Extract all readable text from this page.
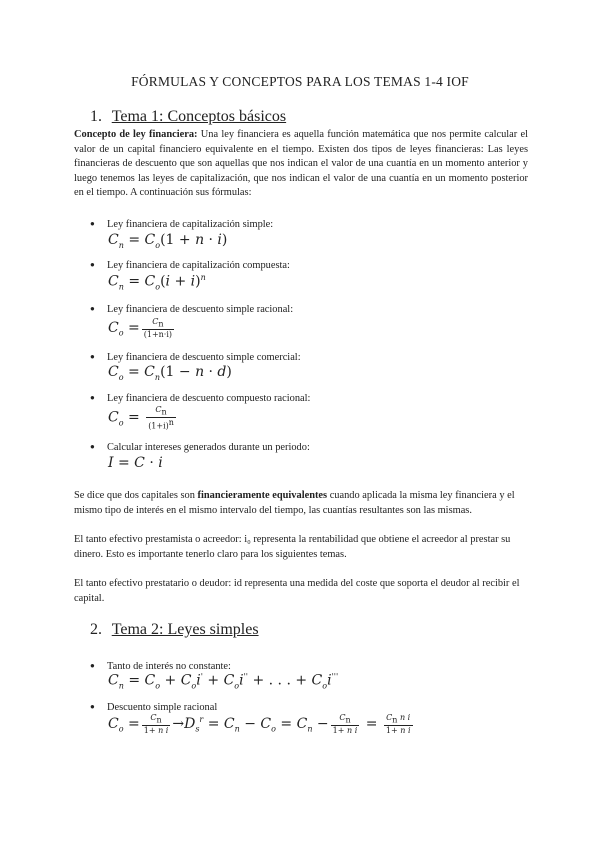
FÓRMULAS Y CONCEPTOS PARA LOS TEMAS 1-4 IOF
1. Tema 1: Conceptos básicos
Concepto de ley financiera: Una ley financiera es aquella función matemática que nos permite calcular el valor de un capital financiero equivalente en el tiempo. Existen dos tipos de leyes financieras: Las leyes financieras de descuento que son aquellas que nos indican el valor de una cuantía en un momento anterior y luego tenemos las leyes de capitalización, que nos indican el valor de una cuantía en un momento posterior en el tiempo. A continuación sus fórmulas:
● Ley financiera de capitalización simple:
$C_n = C_o(1 + n \cdot i)$
● Ley financiera de capitalización compuesta:
$C_n = C_o(i + i)^n$
● Ley financiera de descuento simple racional:
$C_o = \frac{C_n}{(1+n\cdot i)}$
● Ley financiera de descuento simple comercial:
$C_o = C_n(1 - n \cdot d)$
● Ley financiera de descuento compuesto racional:
$C_o = \frac{C_n}{(1+i)^n}$
● Calcular intereses generados durante un periodo:
I = C · i
Se dice que dos capitales son financieramente equivalentes cuando aplicada la misma ley financiera y el mismo tipo de interés en el mismo intervalo del tiempo, las cuantías resultantes son las mismas.
El tanto efectivo prestamista o acreedor: i₀ representa la rentabilidad que obtiene el acreedor al prestar su dinero. Esto es importante tenerlo claro para los siguientes temas.
El tanto efectivo prestatario o deudor: id representa una medida del coste que soporta el deudor al recibir el capital.
2. Tema 2: Leyes simples
● Tanto de interés no constante:
$C_n = C_o + C_oi' + C_oi''$ + . . . + $C_oi'''$
● Descuento simple racional
$C_o = \frac{C_n}{\text{1+ n i}} \to D_s^r = C_n - C_o = C_n - \frac{C_n}{\text{1+ n i}} = \frac{C_n n i}{\text{1+ n i}}$
